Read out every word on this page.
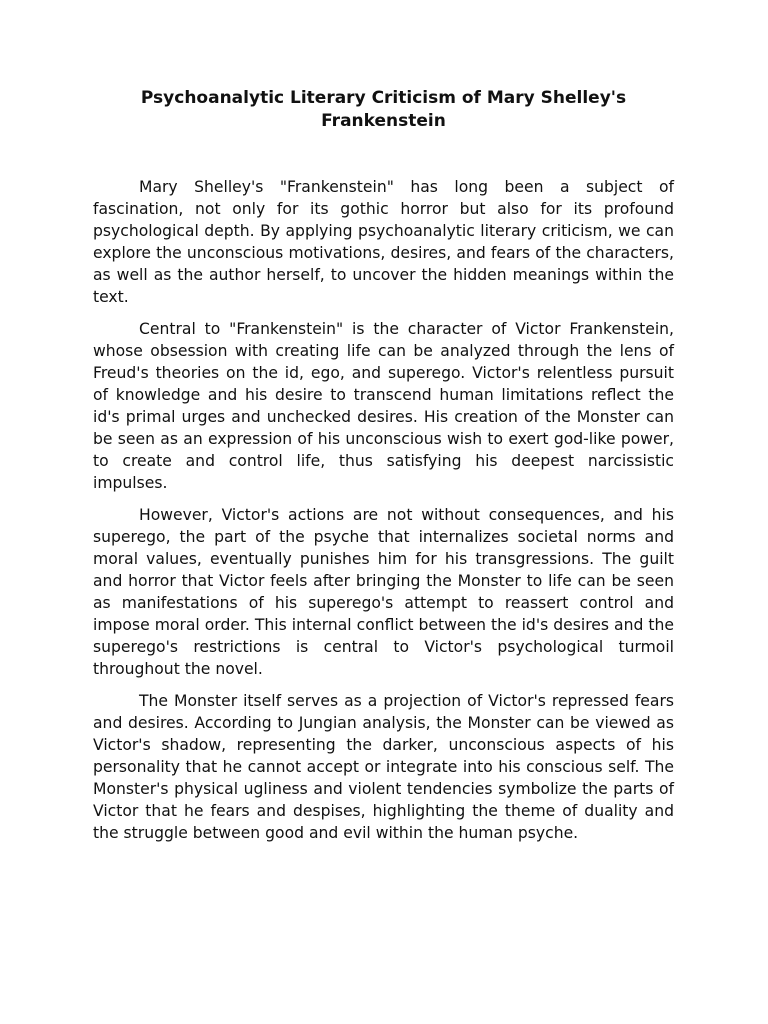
Psychoanalytic Literary Criticism of Mary Shelley's Frankenstein

Mary Shelley's "Frankenstein" has long been a subject of fascination, not only for its gothic horror but also for its profound psychological depth. By applying psychoanalytic literary criticism, we can explore the unconscious motivations, desires, and fears of the characters, as well as the author herself, to uncover the hidden meanings within the text.

Central to "Frankenstein" is the character of Victor Frankenstein, whose obsession with creating life can be analyzed through the lens of Freud's theories on the id, ego, and superego. Victor's relentless pursuit of knowledge and his desire to transcend human limitations reflect the id's primal urges and unchecked desires. His creation of the Monster can be seen as an expression of his unconscious wish to exert god-like power, to create and control life, thus satisfying his deepest narcissistic impulses.

However, Victor's actions are not without consequences, and his superego, the part of the psyche that internalizes societal norms and moral values, eventually punishes him for his transgressions. The guilt and horror that Victor feels after bringing the Monster to life can be seen as manifestations of his superego's attempt to reassert control and impose moral order. This internal conflict between the id's desires and the superego's restrictions is central to Victor's psychological turmoil throughout the novel.

The Monster itself serves as a projection of Victor's repressed fears and desires. According to Jungian analysis, the Monster can be viewed as Victor's shadow, representing the darker, unconscious aspects of his personality that he cannot accept or integrate into his conscious self. The Monster's physical ugliness and violent tendencies symbolize the parts of Victor that he fears and despises, highlighting the theme of duality and the struggle between good and evil within the human psyche.
